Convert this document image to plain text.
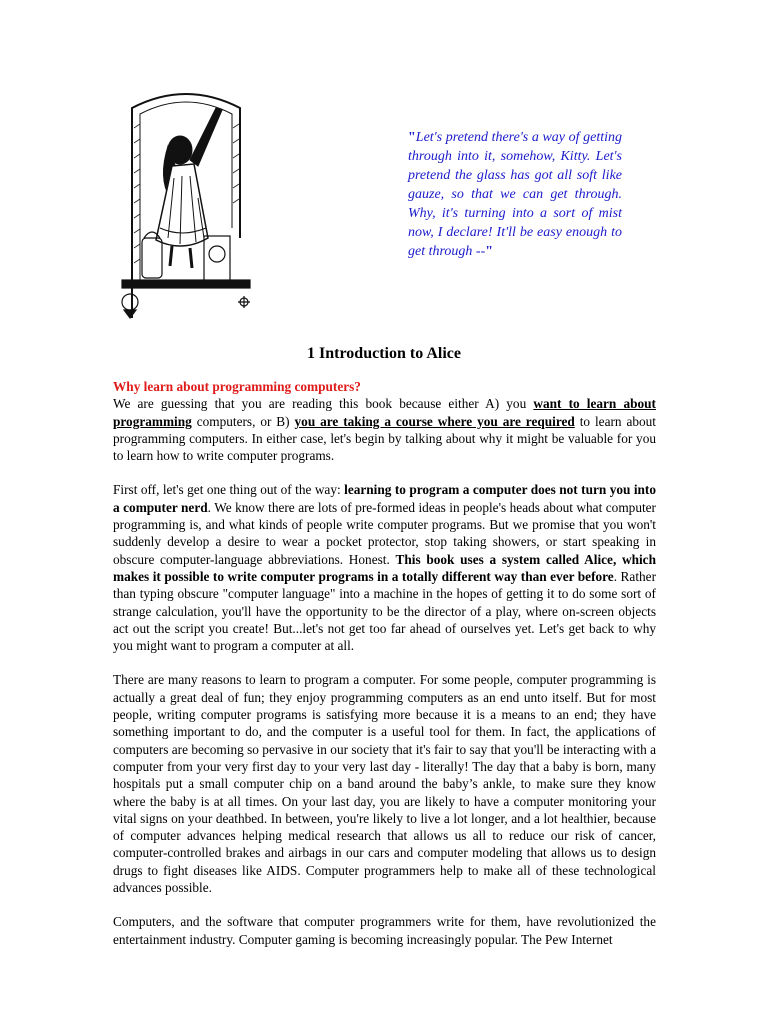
"Let's pretend there's a way of getting through into it, somehow, Kitty. Let's pretend the glass has got all soft like gauze, so that we can get through. Why, it's turning into a sort of mist now, I declare! It'll be easy enough to get through --"
1 Introduction to Alice
Why learn about programming computers?

We are guessing that you are reading this book because either A) you want to learn about programming computers, or B) you are taking a course where you are required to learn about programming computers. In either case, let's begin by talking about why it might be valuable for you to learn how to write computer programs.

First off, let's get one thing out of the way: learning to program a computer does not turn you into a computer nerd. We know there are lots of pre-formed ideas in people's heads about what computer programming is, and what kinds of people write computer programs. But we promise that you won't suddenly develop a desire to wear a pocket protector, stop taking showers, or start speaking in obscure computer-language abbreviations. Honest. This book uses a system called Alice, which makes it possible to write computer programs in a totally different way than ever before. Rather than typing obscure "computer language" into a machine in the hopes of getting it to do some sort of strange calculation, you'll have the opportunity to be the director of a play, where on-screen objects act out the script you create! But...let's not get too far ahead of ourselves yet. Let's get back to why you might want to program a computer at all.

There are many reasons to learn to program a computer. For some people, computer programming is actually a great deal of fun; they enjoy programming computers as an end unto itself. But for most people, writing computer programs is satisfying more because it is a means to an end; they have something important to do, and the computer is a useful tool for them. In fact, the applications of computers are becoming so pervasive in our society that it's fair to say that you'll be interacting with a computer from your very first day to your very last day - literally! The day that a baby is born, many hospitals put a small computer chip on a band around the baby’s ankle, to make sure they know where the baby is at all times. On your last day, you are likely to have a computer monitoring your vital signs on your deathbed. In between, you're likely to live a lot longer, and a lot healthier, because of computer advances helping medical research that allows us all to reduce our risk of cancer, computer-controlled brakes and airbags in our cars and computer modeling that allows us to design drugs to fight diseases like AIDS. Computer programmers help to make all of these technological advances possible.

Computers, and the software that computer programmers write for them, have revolutionized the entertainment industry. Computer gaming is becoming increasingly popular. The Pew Internet
